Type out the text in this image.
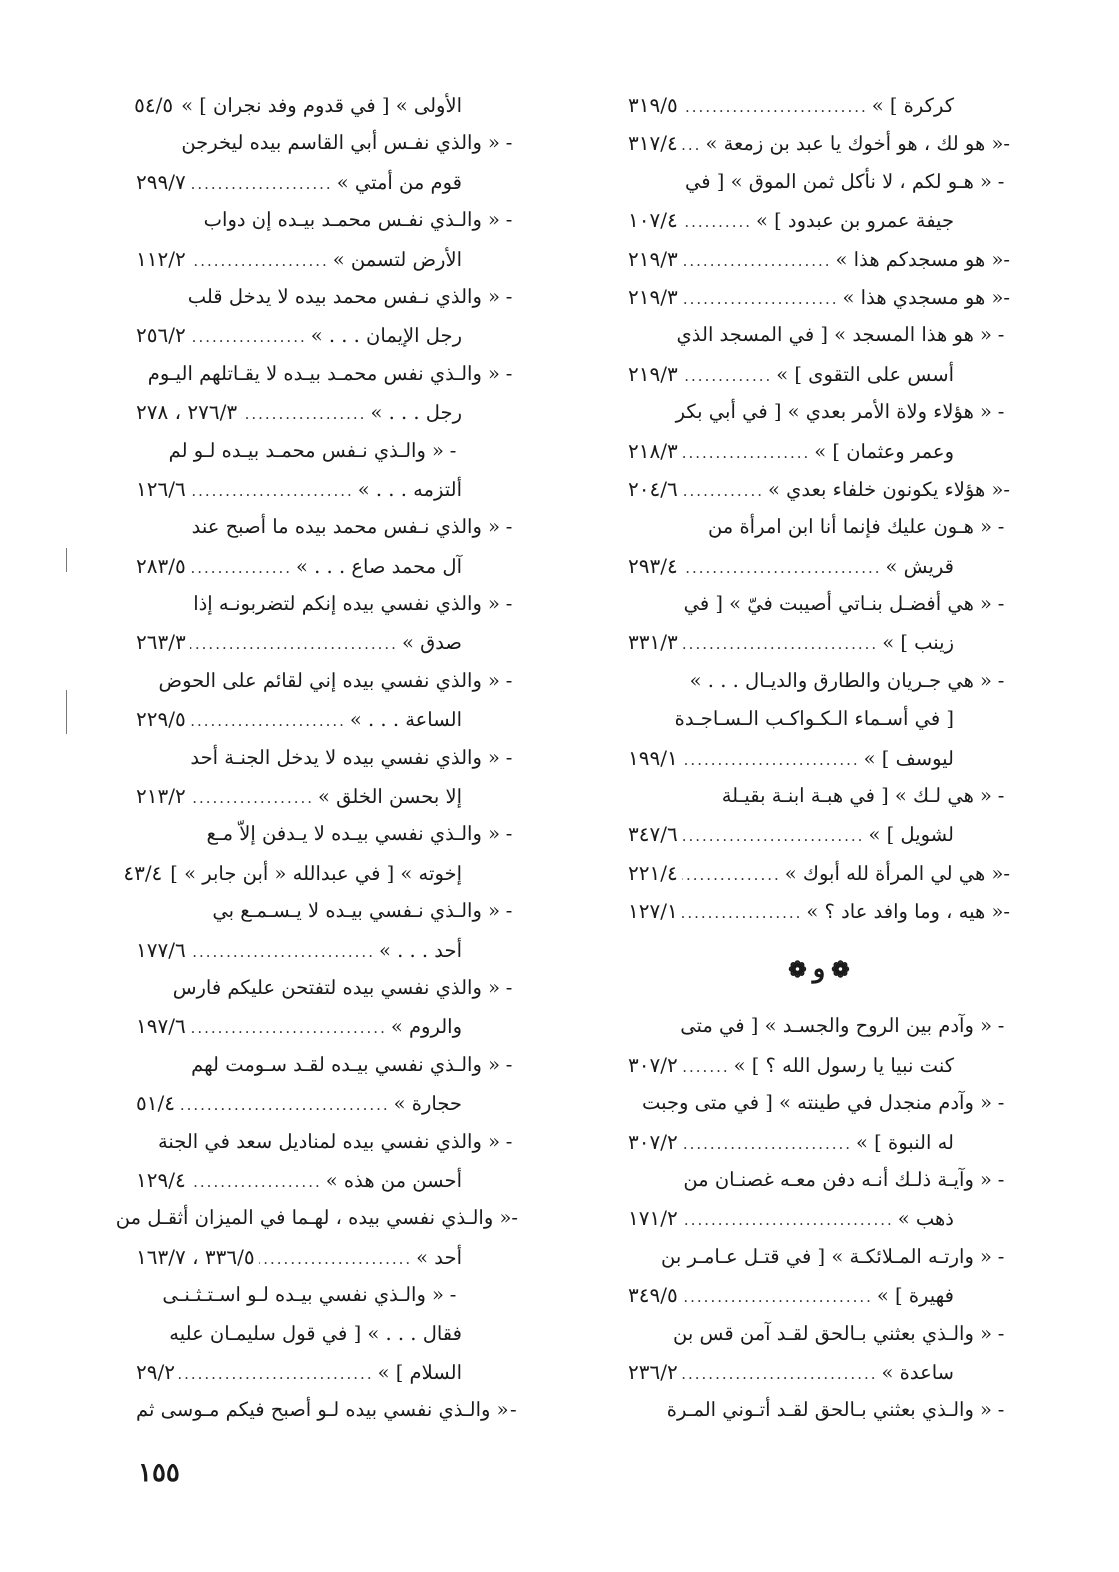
كركرة ] »
.....
٣١٩/٥
-
« هو لك ، هو أخوك يا عبد بن زمعة »
.....
٣١٧/٤
-
« هـو لكم ، لا نأكل ثمن الموق » [ في
جيفة عمرو بن عبدود ] »
.....
١٠٧/٤
-
« هو مسجدكم هذا »
.....
٢١٩/٣
-
« هو مسجدي هذا »
.....
٢١٩/٣
-
« هو هذا المسجد » [ في المسجد الذي
أسس على التقوى ] »
.....
٢١٩/٣
-
« هؤلاء ولاة الأمر بعدي » [ في أبي بكر
وعمر وعثمان ] »
.....
٢١٨/٣
-
« هؤلاء يكونون خلفاء بعدي »
.....
٢٠٤/٦
-
« هـون عليك فإنما أنا ابن امرأة من
قريش »
.....
٢٩٣/٤
-
« هي أفضـل بنـاتي أصيبت فيّ » [ في
زينب ] »
.....
٣٣١/٣
-
« هي جـريان والطارق والديـال . . . »
[ في أسـماء الـكـواكـب الـسـاجـدة
ليوسف ] »
.....
١٩٩/١
-
« هي لـك » [ في هبـة ابنـة بقيـلة
لشويل ] »
.....
٣٤٧/٦
-
« هي لي المرأة لله أبوك »
.....
٢٢١/٤
-
« هيه ، وما وافد عاد ؟ »
.....
١٢٧/١
❁و❁
-
« وآدم بين الروح والجسـد » [ في متى
كنت نبيا يا رسول الله ؟ ] »
.....
٣٠٧/٢
-
« وآدم منجدل في طينته » [ في متى وجبت
له النبوة ] »
.....
٣٠٧/٢
-
« وآيـة ذلـك أنـه دفن معـه غصنـان من
ذهب »
.....
١٧١/٢
-
« وارتـه المـلائكـة » [ في قتـل عـامـر بن
فهيرة ] »
.....
٣٤٩/٥
-
« والـذي بعثني بـالحق لقـد آمن قس بن
ساعدة »
.....
٢٣٦/٢
-
« والـذي بعثني بـالحق لقـد أتـوني المـرة
الأولى » [ في قدوم وفد نجران ] »
٥٤/٥
-
« والذي نفـس أبي القاسم بيده ليخرجن
قوم من أمتي »
.....
٢٩٩/٧
-
« والـذي نفـس محمـد بيـده إن دواب
الأرض لتسمن »
.....
١١٢/٢
-
« والذي نـفس محمد بيده لا يدخل قلب
رجل الإيمان . . . »
.....
٢٥٦/٢
-
« والـذي نفس محمـد بيـده لا يقـاتلهم اليـوم
رجل . . . »
.....
٢٧٦/٣ ، ٢٧٨
-
« والـذي نـفس محمـد بيـده لـو لم
ألتزمه . . . »
.....
١٢٦/٦
-
« والذي نـفس محمد بيده ما أصبح عند
آل محمد صاع . . . »
.....
٢٨٣/٥
-
« والذي نفسي بيده إنكم لتضربونـه إذا
صدق »
.....
٢٦٣/٣
-
« والذي نفسي بيده إني لقائم على الحوض
الساعة . . . »
.....
٢٢٩/٥
-
« والذي نفسي بيده لا يدخل الجنـة أحد
إلا بحسن الخلق »
.....
٢١٣/٢
-
« والـذي نفسي بيـده لا يـدفن إلاّ مـع
إخوته » [ في عبدالله « أبن جابر » ]
٤٣/٤
-
« والـذي نـفسي بيـده لا يـسـمـع بي
أحد . . . »
.....
١٧٧/٦
-
« والذي نفسي بيده لتفتحن عليكم فارس
والروم »
.....
١٩٧/٦
-
« والـذي نفسي بيـده لقـد سـومت لهم
حجارة »
.....
٥١/٤
-
« والذي نفسي بيده لمناديل سعد في الجنة
أحسن من هذه »
.....
١٢٩/٤
-
« والـذي نفسي بيده ، لهـما في الميزان أثقـل من
أحد »
.....
٣٣٦/٥ ، ١٦٣/٧
-
« والـذي نفسي بيـده لـو اسـتـثـنـى
فقال . . . » [ في قول سليمـان عليه
السلام ] »
.....
٢٩/٢
-
« والـذي نفسي بيده لـو أصبح فيكم مـوسى ثم
١٥٥
